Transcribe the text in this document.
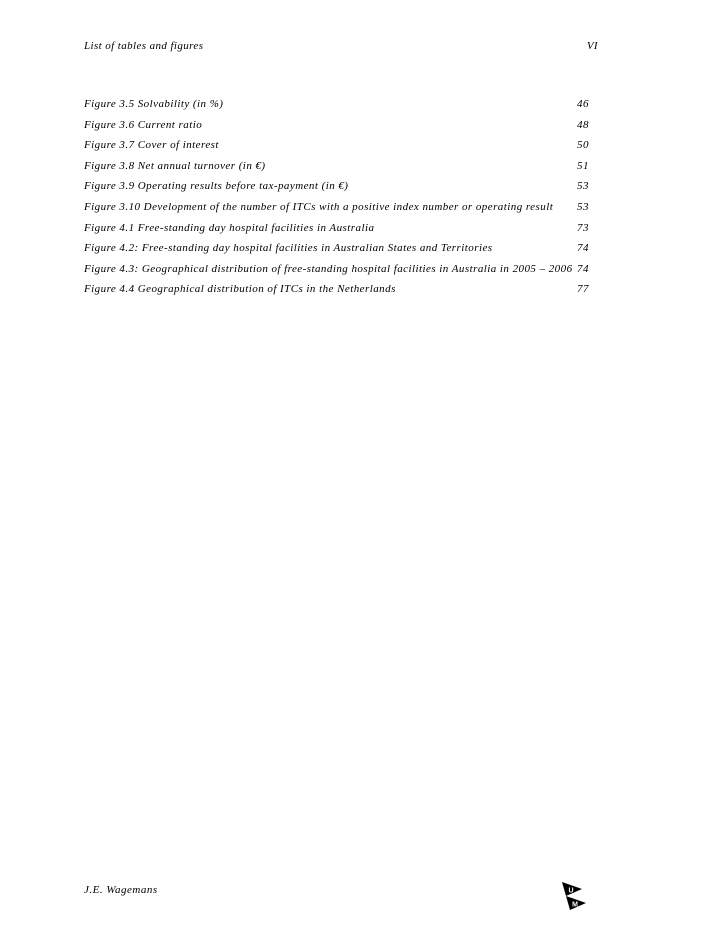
List of tables and figures	VI
Figure 3.5 Solvability (in %)	46
Figure 3.6 Current ratio	48
Figure 3.7 Cover of interest	50
Figure 3.8 Net annual turnover (in €)	51
Figure 3.9 Operating results before tax-payment (in €)	53
Figure 3.10 Development of the number of ITCs with a positive index number or operating result 53
Figure 4.1 Free-standing day hospital facilities in Australia	73
Figure 4.2: Free-standing day hospital facilities in Australian States and Territories	74
Figure 4.3: Geographical distribution of free-standing hospital facilities in Australia in 2005 – 2006 74
Figure 4.4 Geographical distribution of ITCs in the Netherlands	77
J.E. Wagemans	U
M
